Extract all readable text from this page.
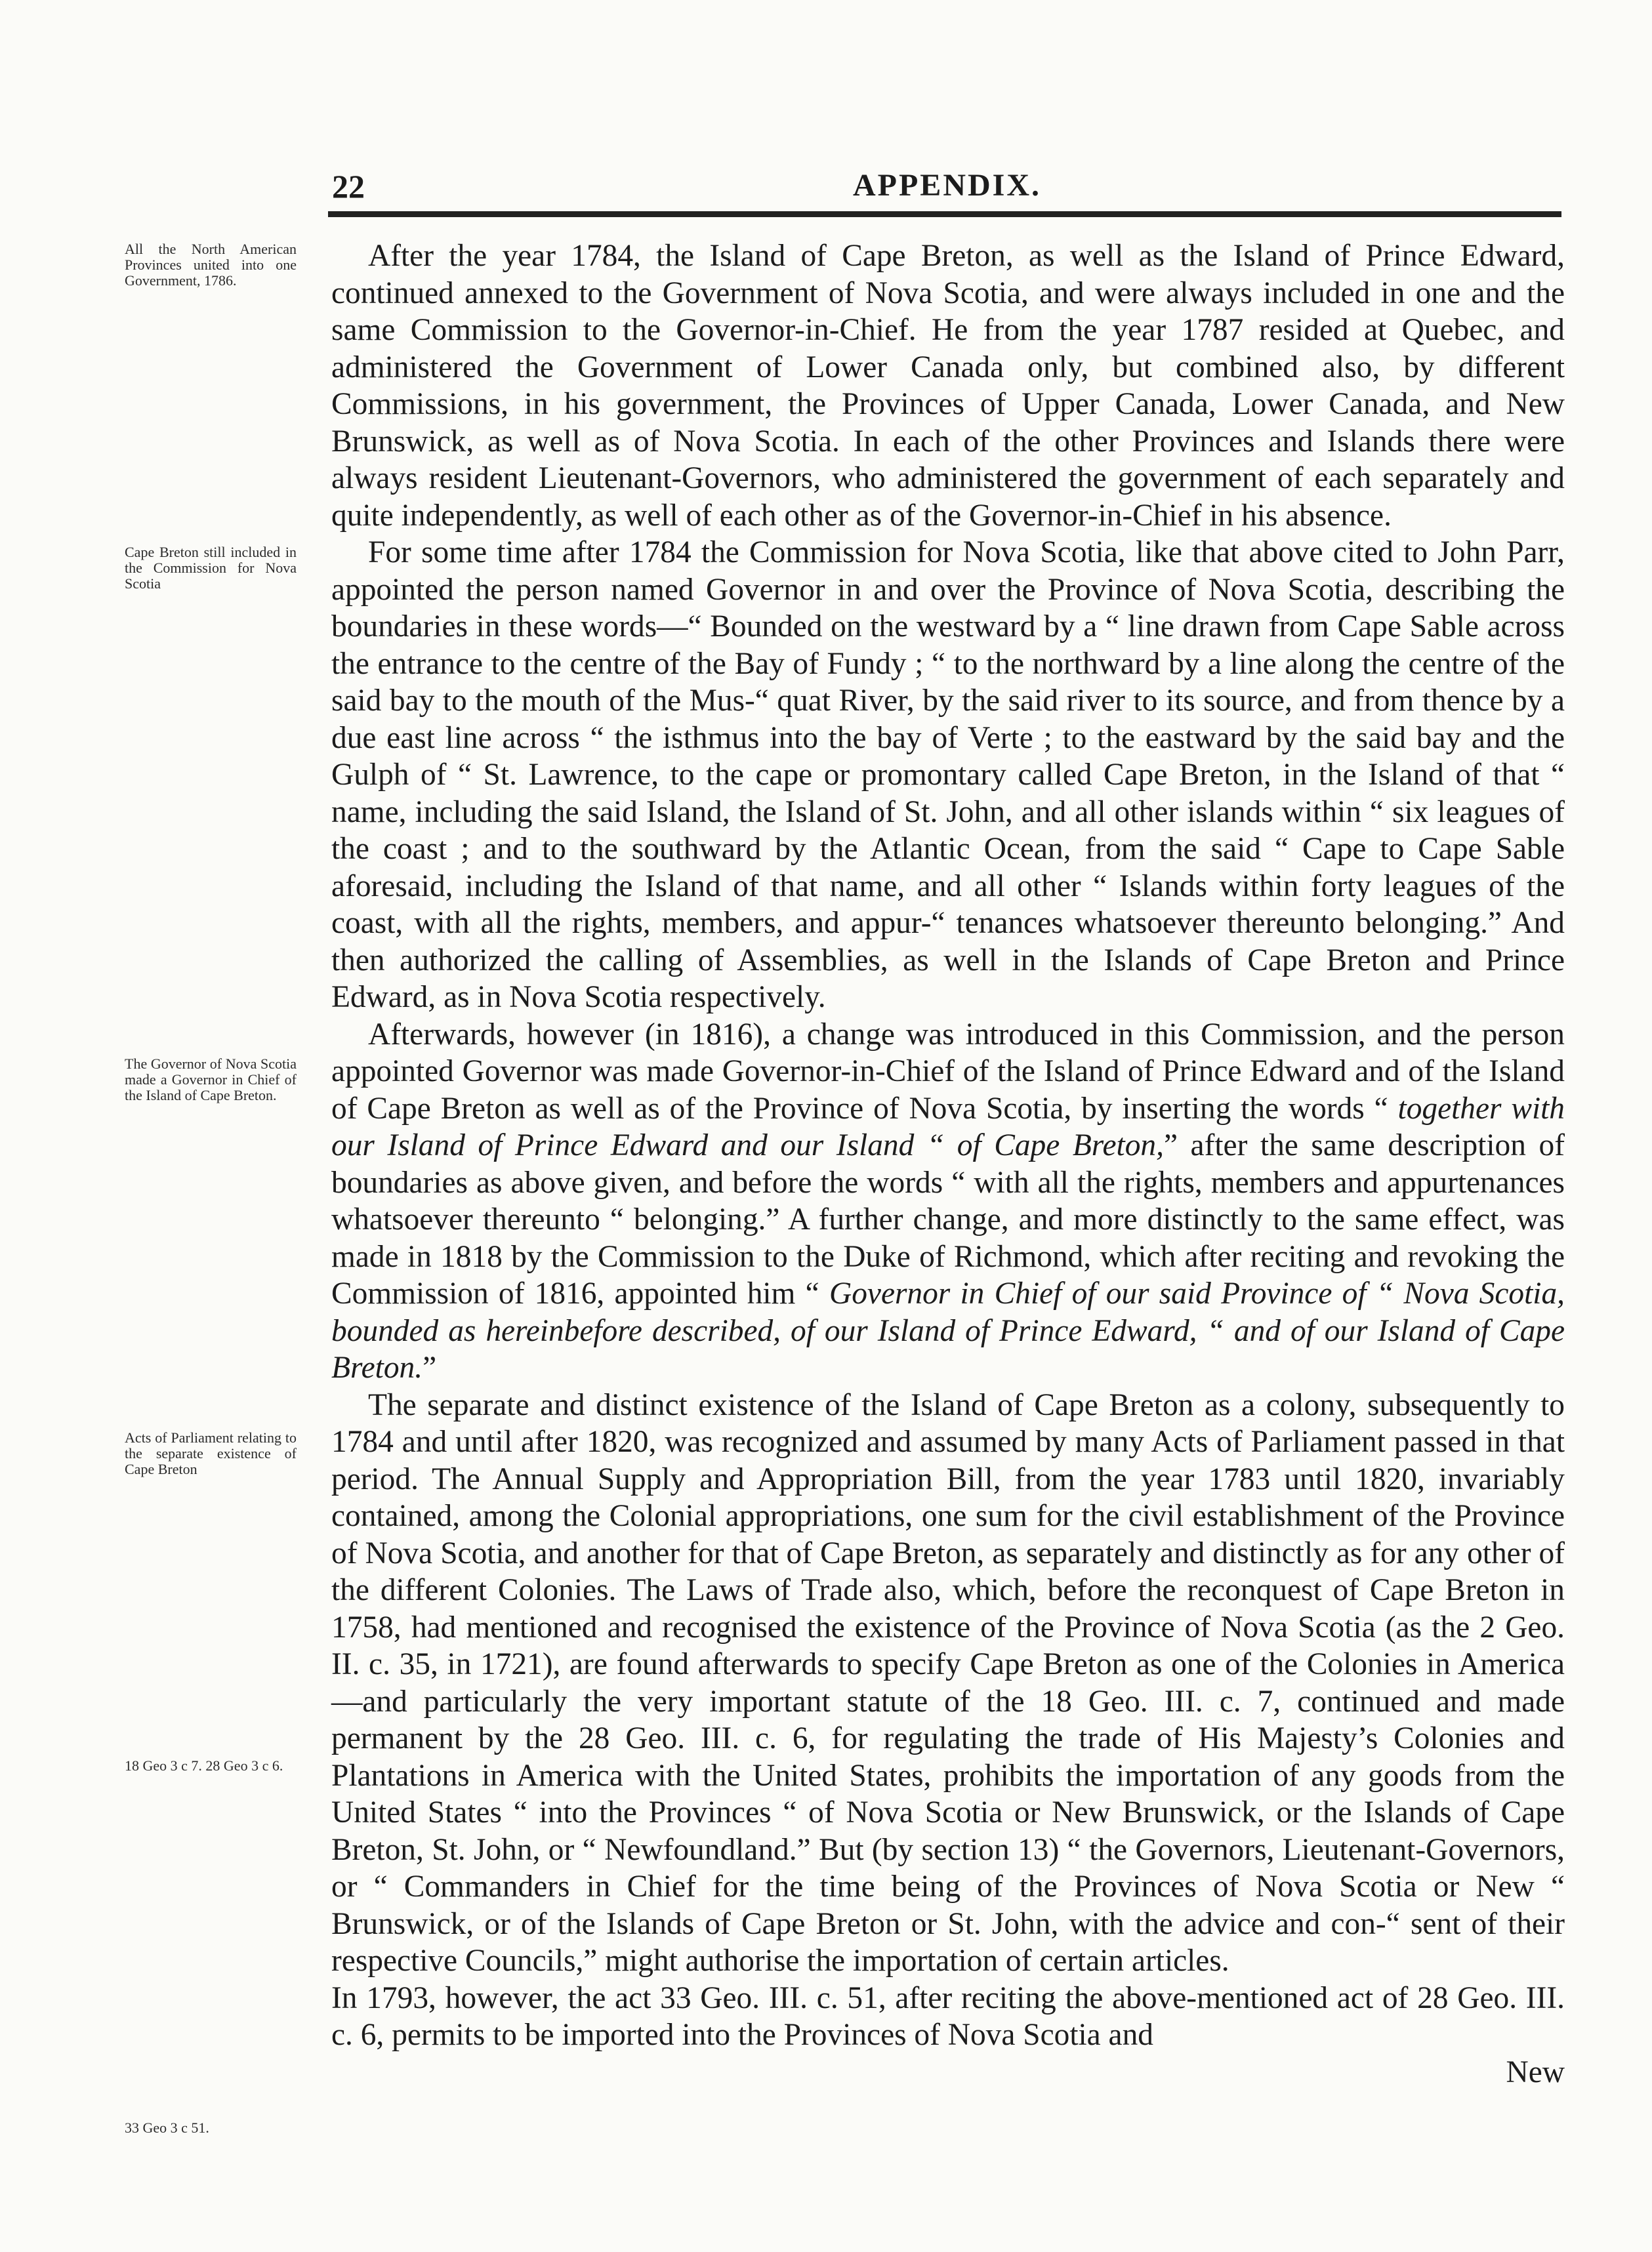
22	APPENDIX.
All the North American Provinces united into one Government, 1786.
Cape Breton still included in the Commission for Nova Scotia
The Governor of Nova Scotia made a Governor in Chief of the Island of Cape Breton.
Acts of Parliament relating to the separate existence of Cape Breton
18 Geo 3 c 7. 28 Geo 3 c 6.
33 Geo 3 c 51.

After the year 1784, the Island of Cape Breton, as well as the Island of Prince Edward, continued annexed to the Government of Nova Scotia, and were always included in one and the same Commission to the Governor-in-Chief. He from the year 1787 resided at Quebec, and administered the Government of Lower Canada only, but combined also, by different Commissions, in his government, the Provinces of Upper Canada, Lower Canada, and New Brunswick, as well as of Nova Scotia. In each of the other Provinces and Islands there were always resident Lieutenant-Governors, who administered the government of each separately and quite independently, as well of each other as of the Governor-in-Chief in his absence.

For some time after 1784 the Commission for Nova Scotia, like that above cited to John Parr, appointed the person named Governor in and over the Province of Nova Scotia, describing the boundaries in these words—“ Bounded on the westward by a “ line drawn from Cape Sable across the entrance to the centre of the Bay of Fundy ; “ to the northward by a line along the centre of the said bay to the mouth of the Mus-“ quat River, by the said river to its source, and from thence by a due east line across “ the isthmus into the bay of Verte ; to the eastward by the said bay and the Gulph of “ St. Lawrence, to the cape or promontary called Cape Breton, in the Island of that “ name, including the said Island, the Island of St. John, and all other islands within “ six leagues of the coast ; and to the southward by the Atlantic Ocean, from the said “ Cape to Cape Sable aforesaid, including the Island of that name, and all other “ Islands within forty leagues of the coast, with all the rights, members, and appur-“ tenances whatsoever thereunto belonging.” And then authorized the calling of Assemblies, as well in the Islands of Cape Breton and Prince Edward, as in Nova Scotia respectively.

Afterwards, however (in 1816), a change was introduced in this Commission, and the person appointed Governor was made Governor-in-Chief of the Island of Prince Edward and of the Island of Cape Breton as well as of the Province of Nova Scotia, by inserting the words “ together with our Island of Prince Edward and our Island “ of Cape Breton,” after the same description of boundaries as above given, and before the words “ with all the rights, members and appurtenances whatsoever thereunto “ belonging.” A further change, and more distinctly to the same effect, was made in 1818 by the Commission to the Duke of Richmond, which after reciting and revoking the Commission of 1816, appointed him “ Governor in Chief of our said Province of “ Nova Scotia, bounded as hereinbefore described, of our Island of Prince Edward, “ and of our Island of Cape Breton.”

The separate and distinct existence of the Island of Cape Breton as a colony, subsequently to 1784 and until after 1820, was recognized and assumed by many Acts of Parliament passed in that period. The Annual Supply and Appropriation Bill, from the year 1783 until 1820, invariably contained, among the Colonial appropriations, one sum for the civil establishment of the Province of Nova Scotia, and another for that of Cape Breton, as separately and distinctly as for any other of the different Colonies. The Laws of Trade also, which, before the reconquest of Cape Breton in 1758, had mentioned and recognised the existence of the Province of Nova Scotia (as the 2 Geo. II. c. 35, in 1721), are found afterwards to specify Cape Breton as one of the Colonies in America—and particularly the very important statute of the 18 Geo. III. c. 7, continued and made permanent by the 28 Geo. III. c. 6, for regulating the trade of His Majesty’s Colonies and Plantations in America with the United States, prohibits the importation of any goods from the United States “ into the Provinces “ of Nova Scotia or New Brunswick, or the Islands of Cape Breton, St. John, or “ Newfoundland.” But (by section 13) “ the Governors, Lieutenant-Governors, or “ Commanders in Chief for the time being of the Provinces of Nova Scotia or New “ Brunswick, or of the Islands of Cape Breton or St. John, with the advice and con-“ sent of their respective Councils,” might authorise the importation of certain articles.

In 1793, however, the act 33 Geo. III. c. 51, after reciting the above-mentioned act of 28 Geo. III. c. 6, permits to be imported into the Provinces of Nova Scotia and

New
